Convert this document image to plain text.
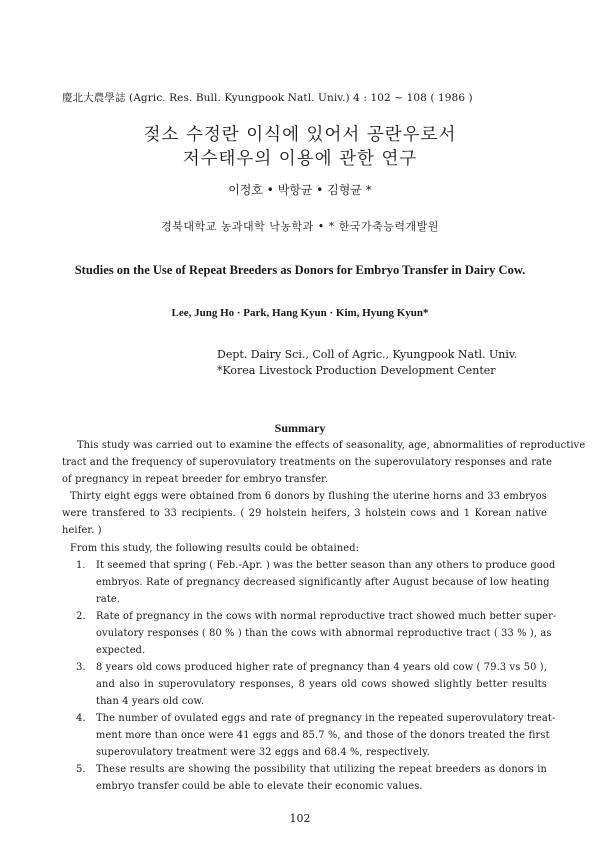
慶北大農學誌 (Agric. Res. Bull. Kyungpook Natl. Univ.) 4 : 102 ~ 108 ( 1986 )
젖소 수정란 이식에 있어서 공란우로서
저수태우의 이용에 관한 연구
이정호 • 박항균 • 김형균 *
경북대학교 농과대학 낙농학과 • * 한국가축능력개발원
Studies on the Use of Repeat Breeders as Donors for Embryo Transfer in Dairy Cow.
Lee, Jung Ho · Park, Hang Kyun · Kim, Hyung Kyun*
Dept. Dairy Sci., Coll of Agric., Kyungpook Natl. Univ.
*Korea Livestock Production Development Center
Summary
This study was carried out to examine the effects of seasonality, age, abnormalities of reproductive
tract and the frequency of superovulatory treatments on the superovulatory responses and rate
of pregnancy in repeat breeder for embryo transfer.
Thirty eight eggs were obtained from 6 donors by flushing the uterine horns and 33 embryos
were transfered to 33 recipients. ( 29 holstein heifers, 3 holstein cows and 1 Korean native
heifer. )
From this study, the following results could be obtained:
1. It seemed that spring ( Feb.-Apr. ) was the better season than any others to produce good
embryos. Rate of pregnancy decreased significantly after August because of low heating
rate.
2. Rate of pregnancy in the cows with normal reproductive tract showed much better super-
ovulatory responses ( 80 % ) than the cows with abnormal reproductive tract ( 33 % ), as
expected.
3. 8 years old cows produced higher rate of pregnancy than 4 years old cow ( 79.3 vs 50 ),
and also in superovulatory responses, 8 years old cows showed slightly better results
than 4 years old cow.
4. The number of ovulated eggs and rate of pregnancy in the repeated superovulatory treat-
ment more than once were 41 eggs and 85.7 %, and those of the donors treated the first
superovulatory treatment were 32 eggs and 68.4 %, respectively.
5. These results are showing the possibility that utilizing the repeat breeders as donors in
embryo transfer could be able to elevate their economic values.
102
